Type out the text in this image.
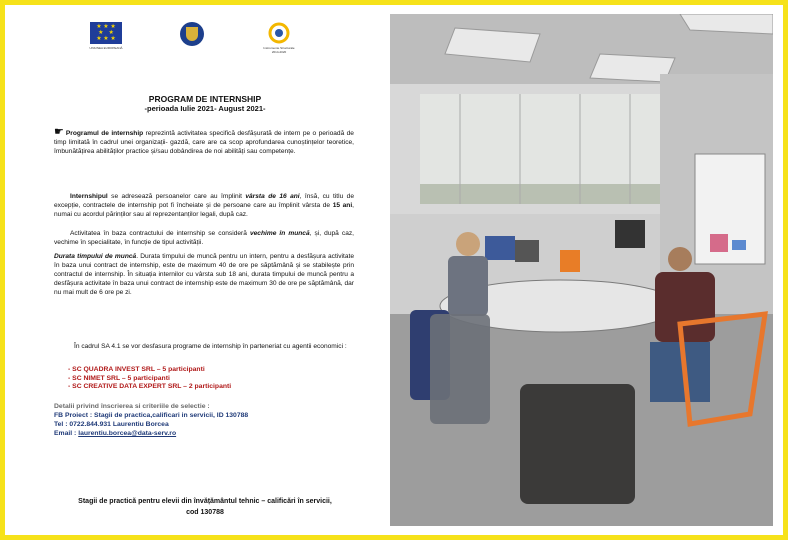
★ ★ ★
★   ★
★ ★ ★
UNIUNEA EUROPEANĂ	Instrumente Structurale 2014-2020
PROGRAM DE INTERNSHIP
-perioada Iulie 2021- August 2021-
☛ Programul de internship reprezintă activitatea specifică desfășurată de intern pe o perioadă de timp limitată în cadrul unei organizații- gazdă, care are ca scop aprofundarea cunoștințelor teoretice, îmbunătățirea abilităților practice și/sau dobândirea de noi abilități sau competențe.
Internshipul se adresează persoanelor care au împlinit vârsta de 16 ani, însă, cu titlu de excepție, contractele de internship pot fi încheiate și de persoane care au împlinit vârsta de 15 ani, numai cu acordul părinților sau al reprezentanților legali, după caz.
Activitatea în baza contractului de internship se consideră vechime în muncă, și, după caz, vechime în specialitate, în funcție de tipul activității.
Durata timpului de muncă. Durata timpului de muncă pentru un intern, pentru a desfășura activitate în baza unui contract de internship, este de maximum 40 de ore pe săptămână și se stabilește prin contractul de internship. În situația internilor cu vârsta sub 18 ani, durata timpului de muncă pentru a desfășura activitate în baza unui contract de internship este de maximum 30 de ore pe săptămână, dar nu mai mult de 6 ore pe zi.
În cadrul SA 4.1 se vor desfasura programe de internship în parteneriat cu agentii economici :
- SC QUADRA INVEST SRL – 5 participanti
- SC NIMET SRL – 5 participanti
- SC CREATIVE DATA EXPERT SRL – 2 participanti
Detalii privind înscrierea si criteriile de selectie :
FB Proiect : Stagii de practica,calificari in servicii, ID 130788
Tel : 0722.844.931 Laurentiu Borcea
Email : laurentiu.borcea@data-serv.ro
Stagii de practică pentru elevii din învățământul tehnic – calificări în servicii,
cod 130788
